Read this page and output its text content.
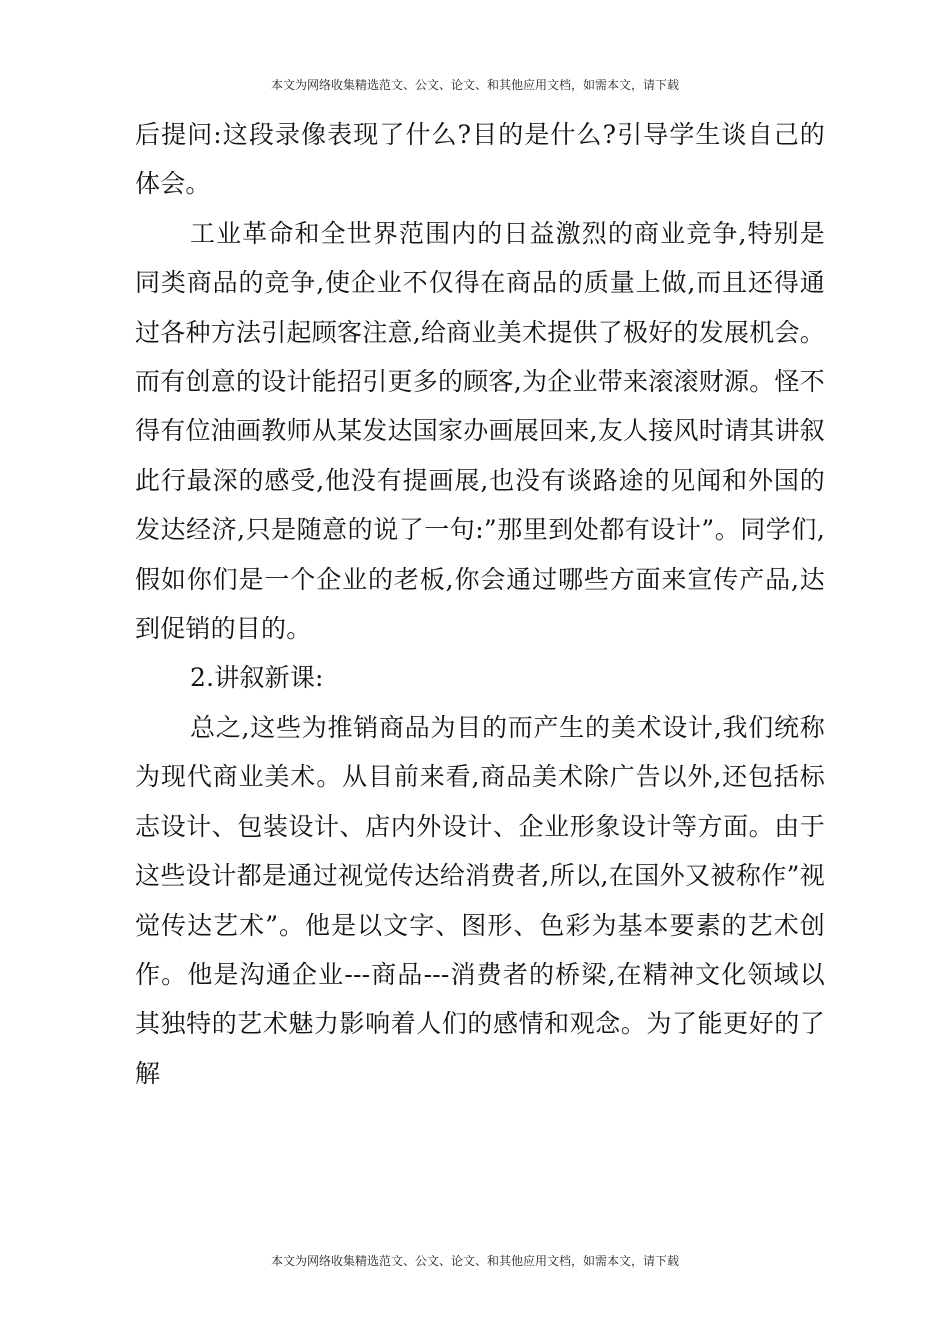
本文为网络收集精选范文、公文、论文、和其他应用文档，如需本文，请下载

后提问:这段录像表现了什么?目的是什么?引导学生谈自己的体会。

工业革命和全世界范围内的日益激烈的商业竞争,特别是同类商品的竞争,使企业不仅得在商品的质量上做,而且还得通过各种方法引起顾客注意,给商业美术提供了极好的发展机会。而有创意的设计能招引更多的顾客,为企业带来滚滚财源。怪不得有位油画教师从某发达国家办画展回来,友人接风时请其讲叙此行最深的感受,他没有提画展,也没有谈路途的见闻和外国的发达经济,只是随意的说了一句:”那里到处都有设计”。同学们,假如你们是一个企业的老板,你会通过哪些方面来宣传产品,达到促销的目的。

2.讲叙新课:

总之,这些为推销商品为目的而产生的美术设计,我们统称为现代商业美术。从目前来看,商品美术除广告以外,还包括标志设计、包装设计、店内外设计、企业形象设计等方面。由于这些设计都是通过视觉传达给消费者,所以,在国外又被称作”视觉传达艺术”。他是以文字、图形、色彩为基本要素的艺术创作。他是沟通企业---商品---消费者的桥梁,在精神文化领域以其独特的艺术魅力影响着人们的感情和观念。为了能更好的了解

本文为网络收集精选范文、公文、论文、和其他应用文档，如需本文，请下载
